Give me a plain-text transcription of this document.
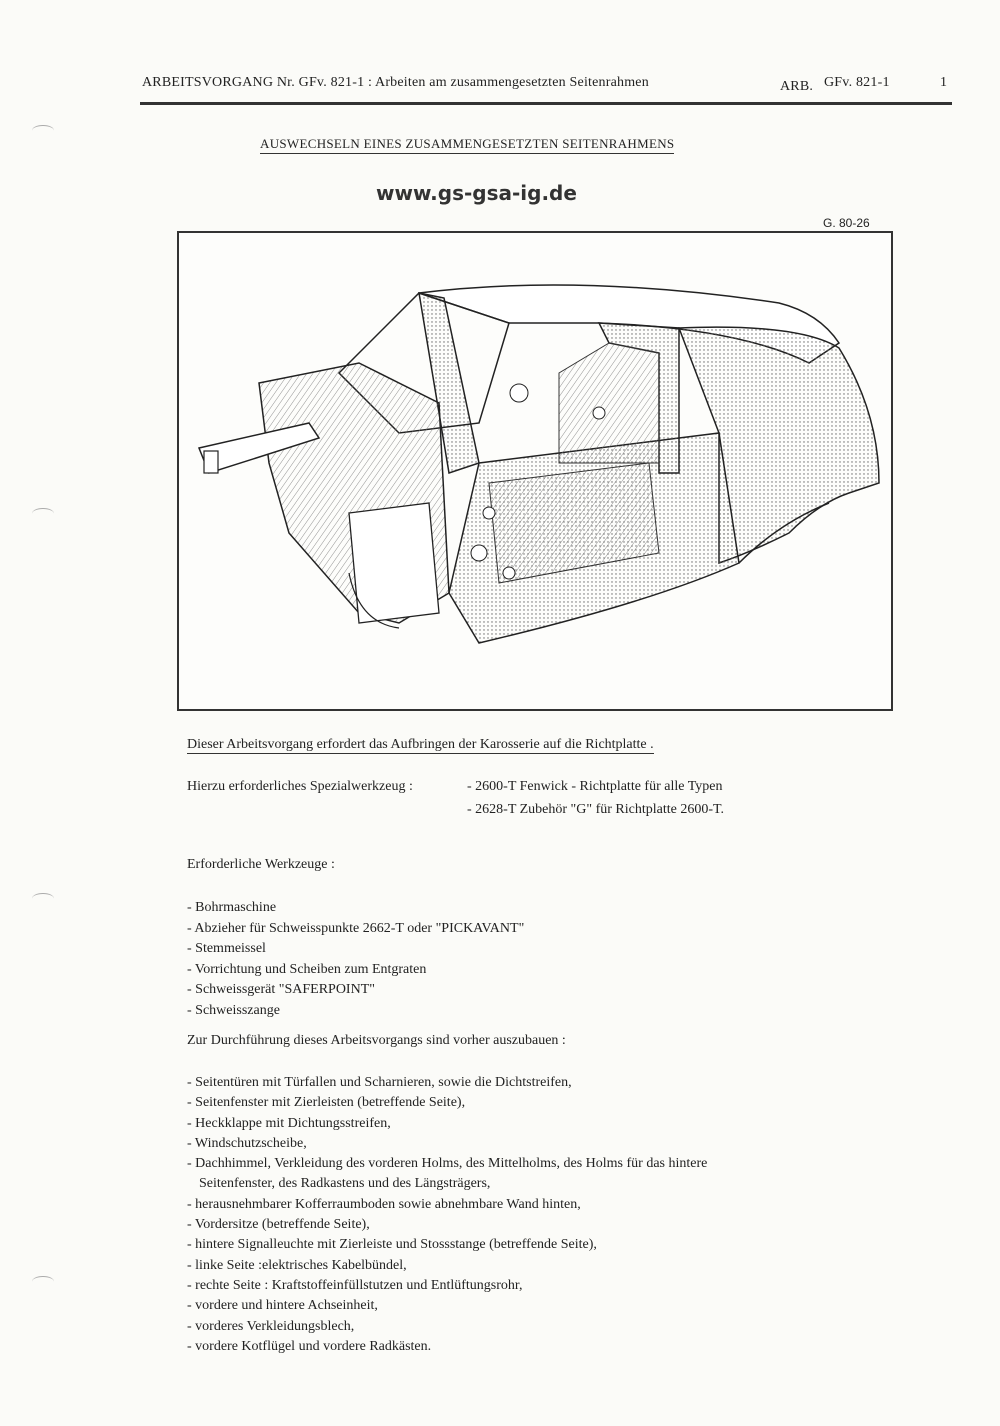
ARBEITSVORGANG Nr. GFv. 821-1 : Arbeiten am zusammengesetzten Seitenrahmen	ARB. GFv. 821-1	1
AUSWECHSELN EINES ZUSAMMENGESETZTEN SEITENRAHMENS
www.gs-gsa-ig.de
G. 80-26
Dieser Arbeitsvorgang erfordert das Aufbringen der Karosserie auf die Richtplatte .
Hierzu erforderliches Spezialwerkzeug :	- 2600-T Fenwick - Richtplatte für alle Typen
- 2628-T Zubehör "G" für Richtplatte 2600-T.
Erforderliche Werkzeuge :
- Bohrmaschine
- Abzieher für Schweisspunkte 2662-T oder "PICKAVANT"
- Stemmeissel
- Vorrichtung und Scheiben zum Entgraten
- Schweissgerät "SAFERPOINT"
- Schweisszange
Zur Durchführung dieses Arbeitsvorgangs sind vorher auszubauen :
- Seitentüren mit Türfallen und Scharnieren, sowie die Dichtstreifen,
- Seitenfenster mit Zierleisten (betreffende Seite),
- Heckklappe mit Dichtungsstreifen,
- Windschutzscheibe,
- Dachhimmel, Verkleidung des vorderen Holms, des Mittelholms, des Holms für das hintere
Seitenfenster, des Radkastens und des Längsträgers,
- herausnehmbarer Kofferraumboden sowie abnehmbare Wand hinten,
- Vordersitze (betreffende Seite),
- hintere Signalleuchte mit Zierleiste und Stossstange (betreffende Seite),
- linke Seite :elektrisches Kabelbündel,
- rechte Seite : Kraftstoffeinfüllstutzen und Entlüftungsrohr,
- vordere und hintere Achseinheit,
- vorderes Verkleidungsblech,
- vordere Kotflügel und vordere Radkästen.
